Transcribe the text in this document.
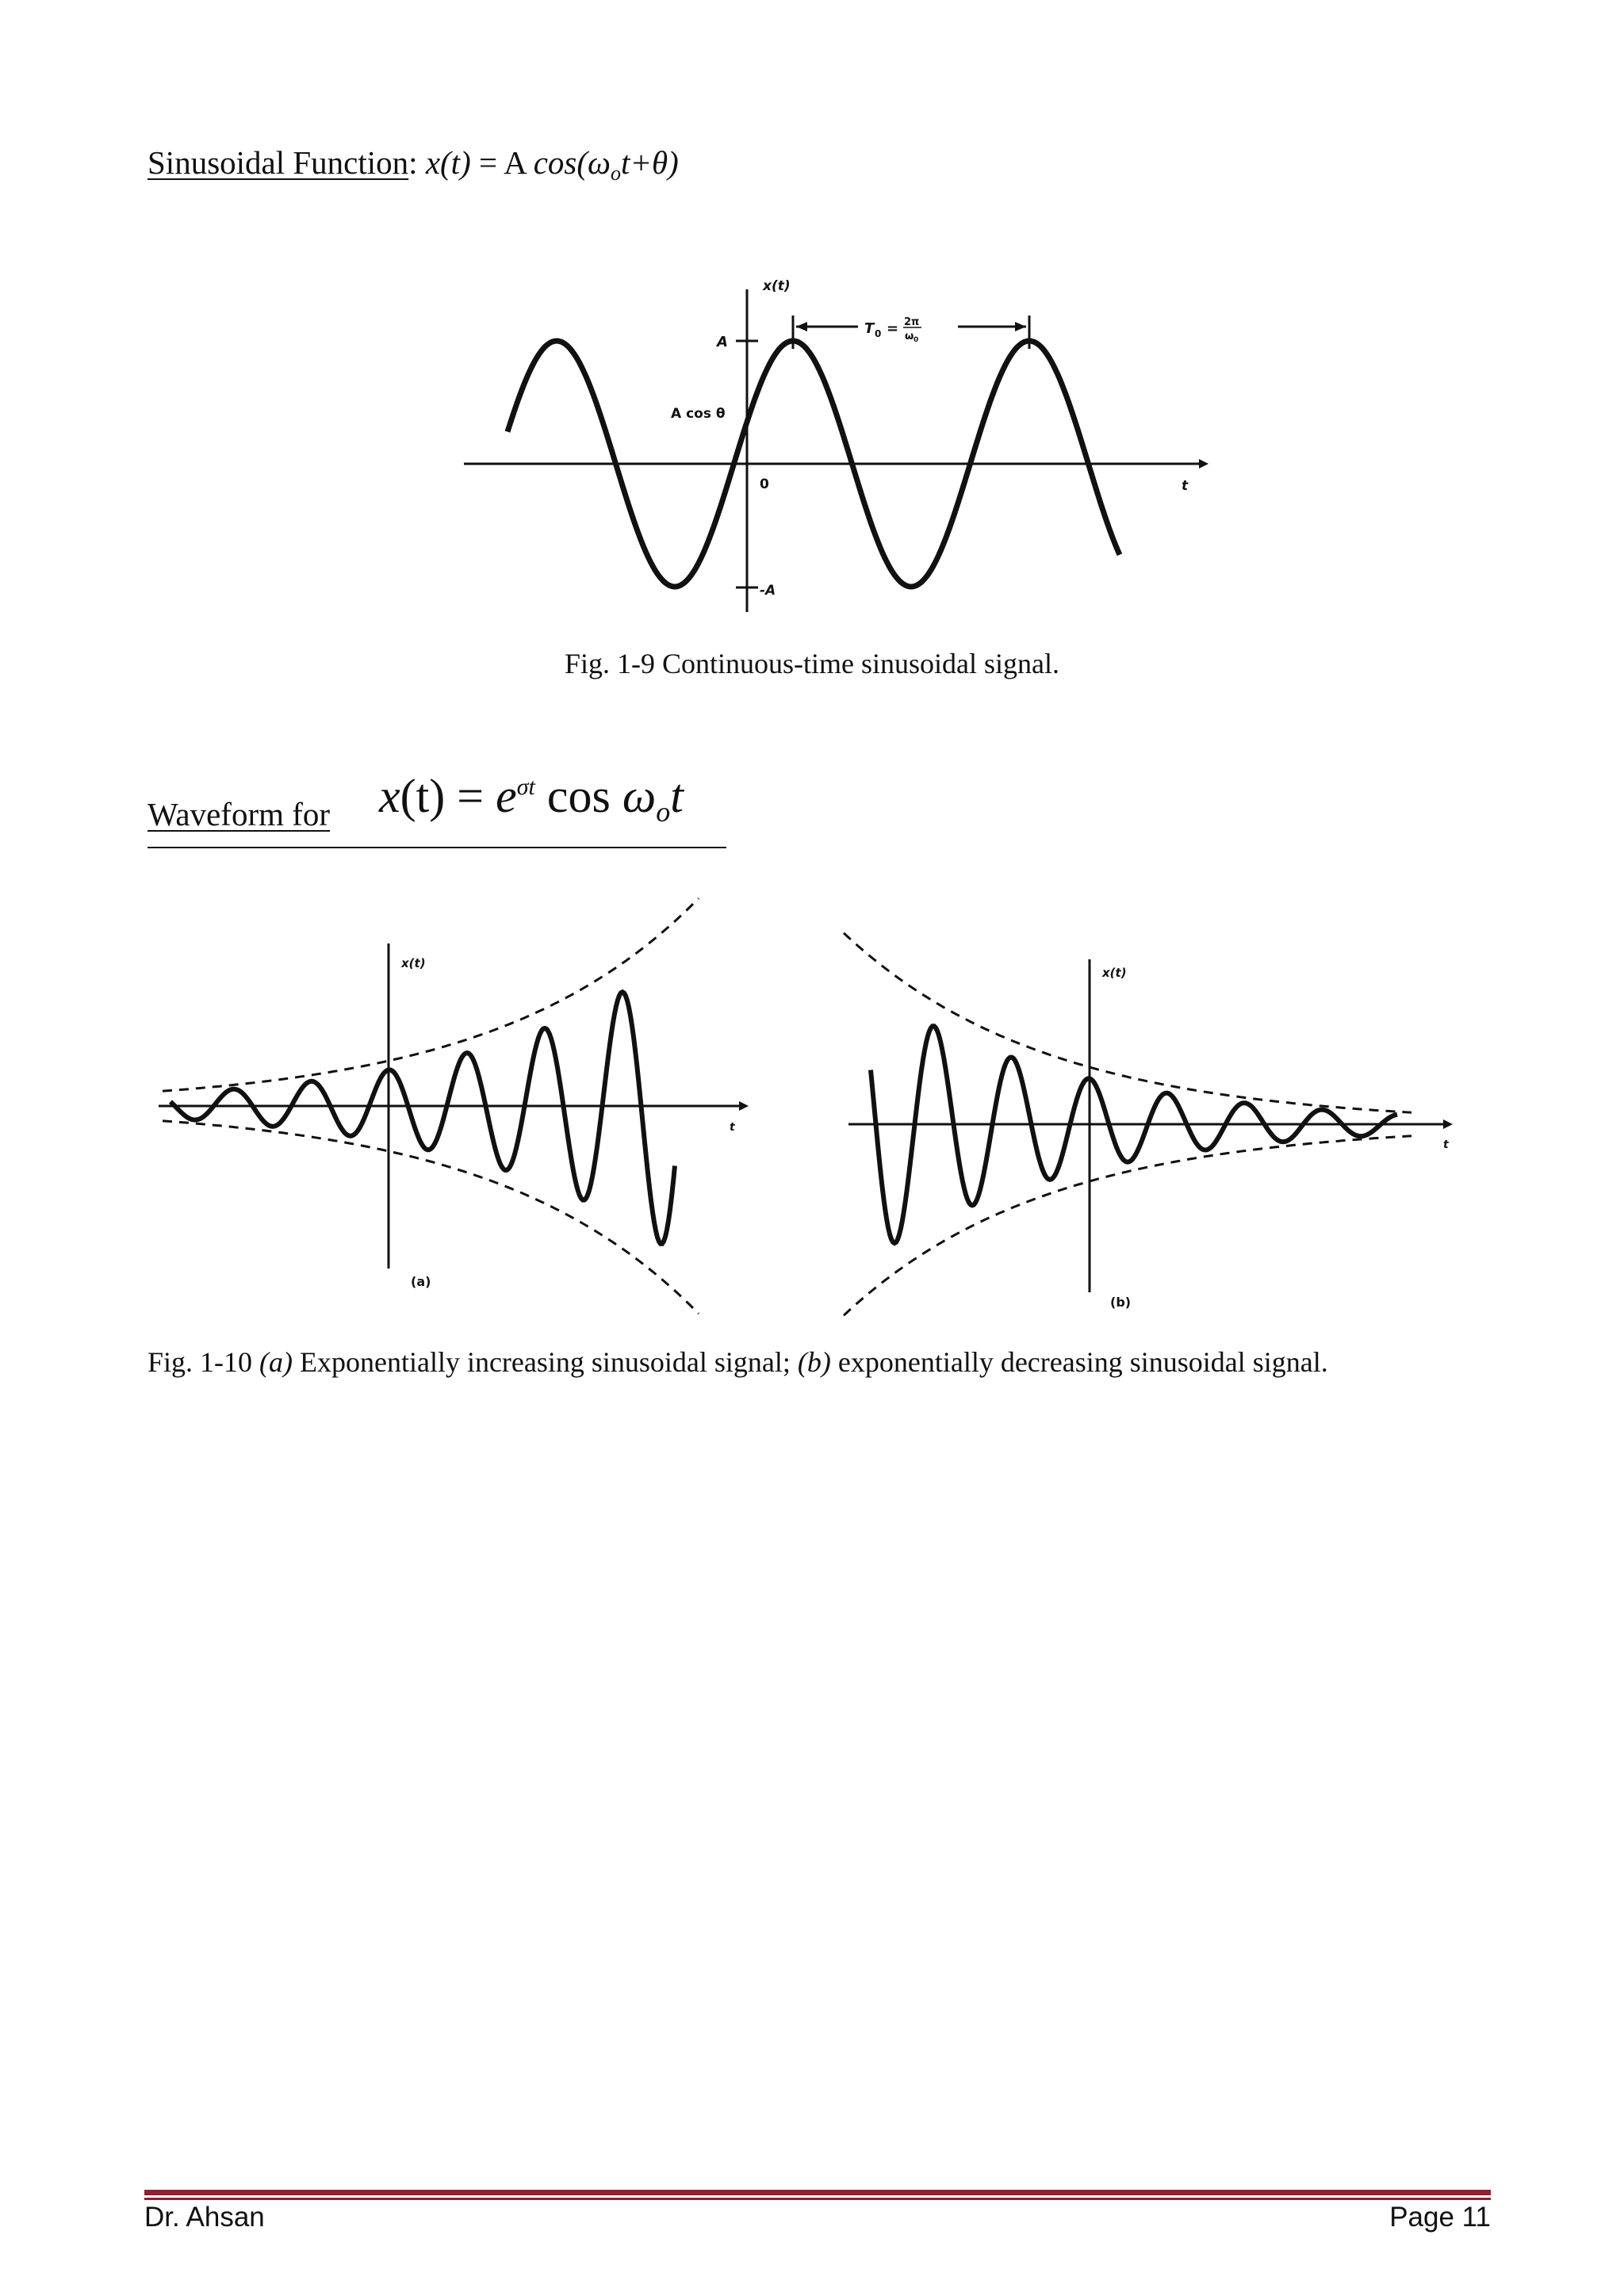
Sinusoidal Function: x(t) = A $\cos(\omega_ot+\theta)$
x(t)
t
A
A cos θ
0
-A
T 0 = 2π
ω 0
Fig. 1-9 Continuous-time sinusoidal signal.
Waveform for $x(t) = e^{\sigma t}$ $\cos \omega_ot$
x(t)
t
(a)
x(t)
t
(b)
Fig. 1-10 (a) Exponentially increasing sinusoidal signal; (b) exponentially decreasing sinusoidal signal.
Dr. Ahsan	Page 11
